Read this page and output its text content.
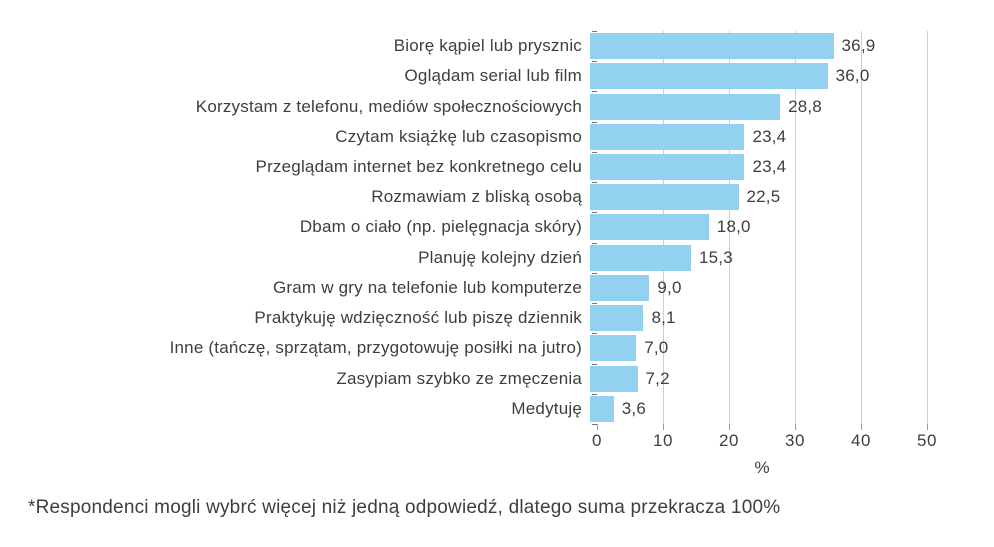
Biorę kąpiel lub prysznic	36,9
Oglądam serial lub film	36,0
Korzystam z telefonu, mediów społecznościowych	28,8
Czytam książkę lub czasopismo	23,4
Przeglądam internet bez konkretnego celu	23,4
Rozmawiam z bliską osobą	22,5
Dbam o ciało (np. pielęgnacja skóry)	18,0
Planuję kolejny dzień	15,3
Gram w gry na telefonie lub komputerze	9,0
Praktykuję wdzięczność lub piszę dziennik	8,1
Inne (tańczę, sprzątam, przygotowuję posiłki na jutro)	7,0
Zasypiam szybko ze zmęczenia	7,2
Medytuję	3,6
0	10	20	30	40	50
%
*Respondenci mogli wybrć więcej niż jedną odpowiedź, dlatego suma przekracza 100%
